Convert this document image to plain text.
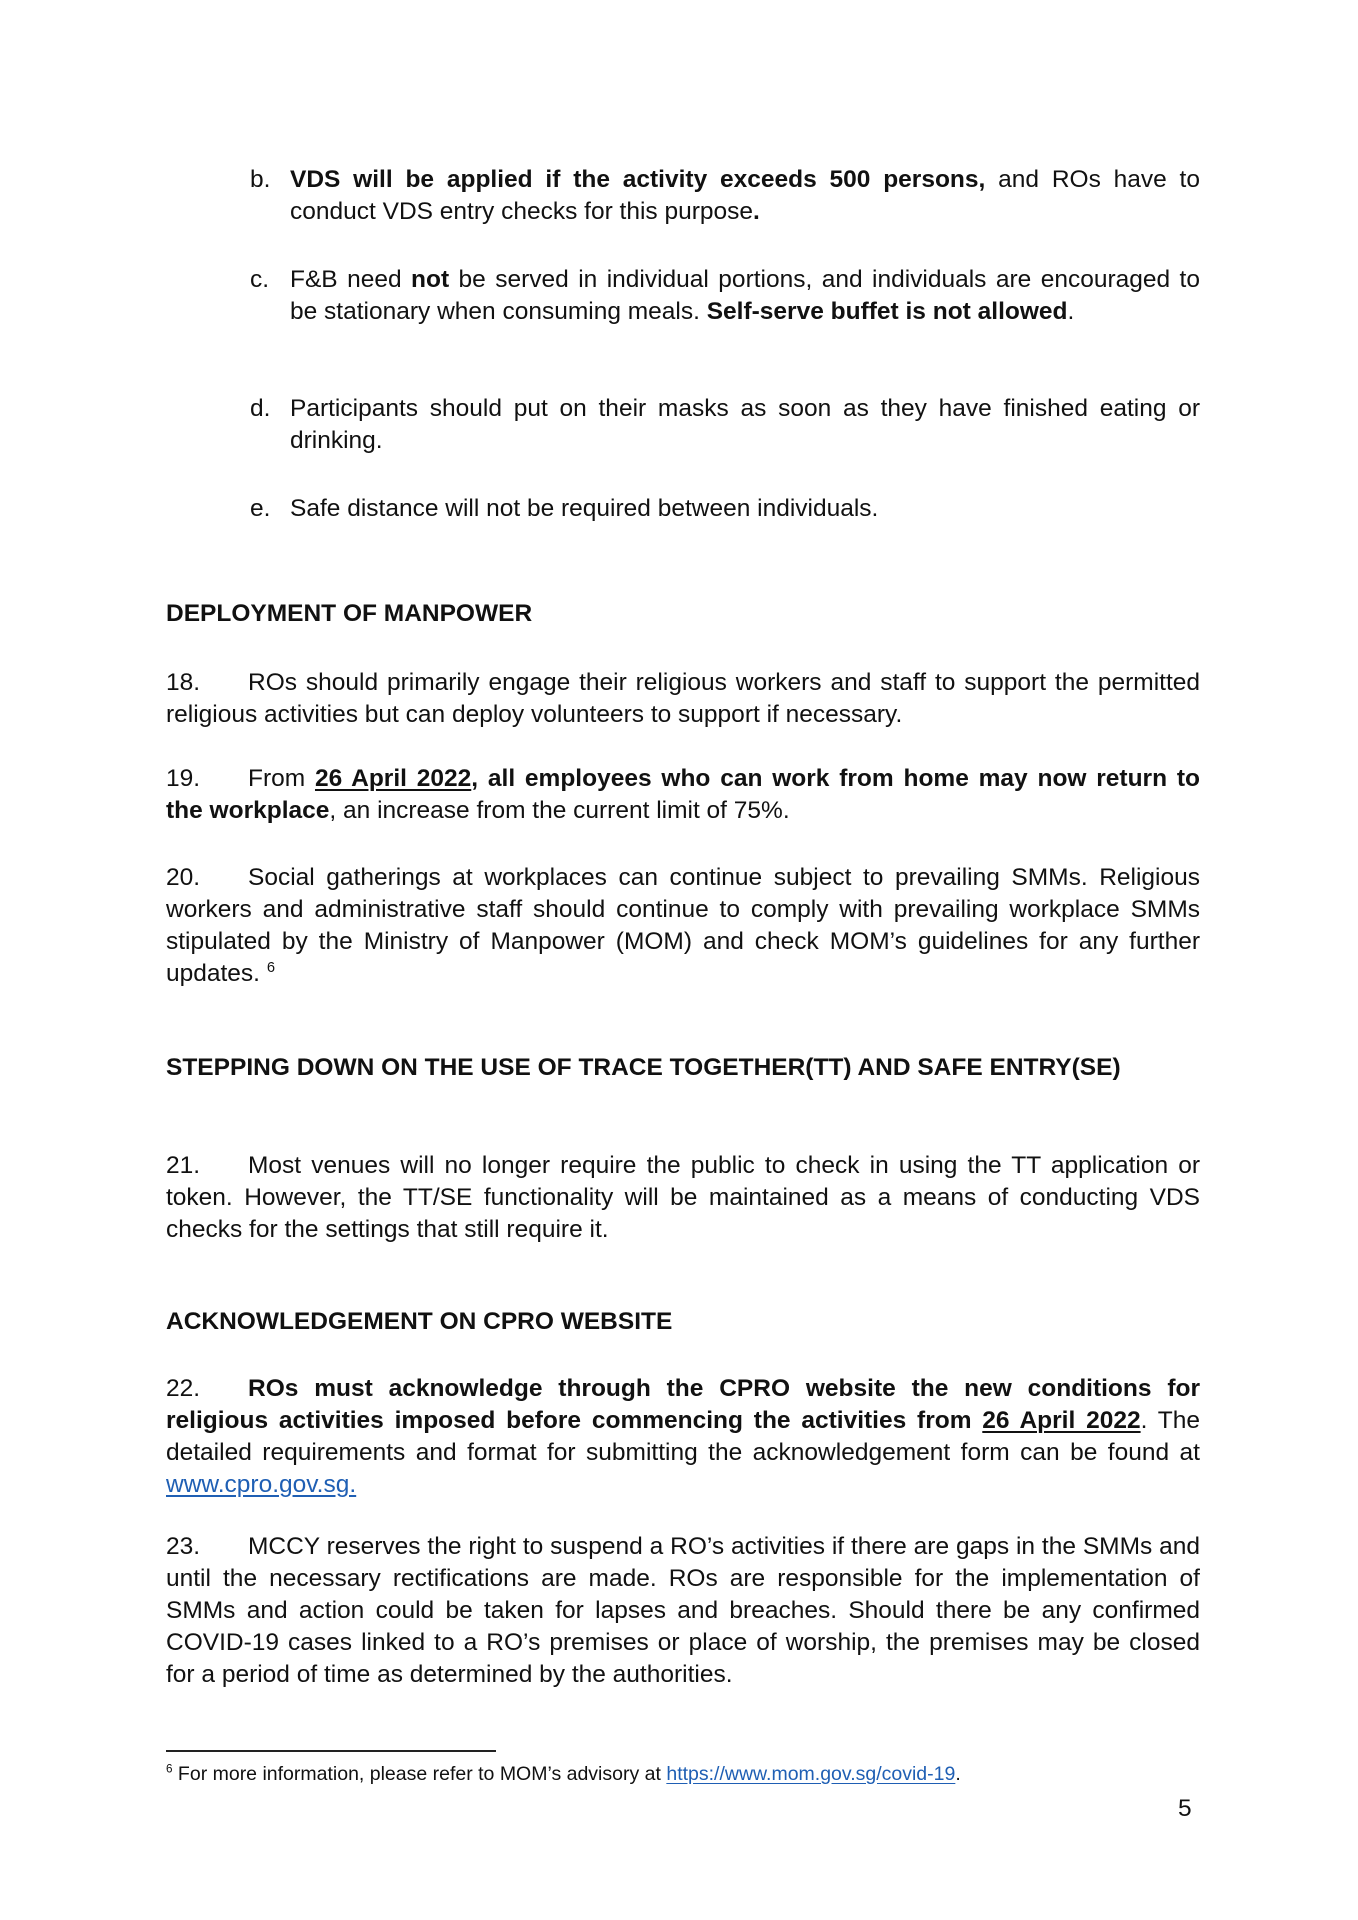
b. VDS will be applied if the activity exceeds 500 persons, and ROs have to conduct VDS entry checks for this purpose.
c. F&B need not be served in individual portions, and individuals are encouraged to be stationary when consuming meals. Self-serve buffet is not allowed.
d. Participants should put on their masks as soon as they have finished eating or drinking.
e. Safe distance will not be required between individuals.
DEPLOYMENT OF MANPOWER
18. ROs should primarily engage their religious workers and staff to support the permitted religious activities but can deploy volunteers to support if necessary.
19. From 26 April 2022, all employees who can work from home may now return to the workplace, an increase from the current limit of 75%.
20. Social gatherings at workplaces can continue subject to prevailing SMMs. Religious workers and administrative staff should continue to comply with prevailing workplace SMMs stipulated by the Ministry of Manpower (MOM) and check MOM’s guidelines for any further updates. $^6$
STEPPING DOWN ON THE USE OF TRACE TOGETHER(TT) AND SAFE ENTRY(SE)
21. Most venues will no longer require the public to check in using the TT application or token. However, the TT/SE functionality will be maintained as a means of conducting VDS checks for the settings that still require it.
ACKNOWLEDGEMENT ON CPRO WEBSITE
22. ROs must acknowledge through the CPRO website the new conditions for religious activities imposed before commencing the activities from 26 April 2022. The detailed requirements and format for submitting the acknowledgement form can be found at www.cpro.gov.sg.
23. MCCY reserves the right to suspend a RO’s activities if there are gaps in the SMMs and until the necessary rectifications are made. ROs are responsible for the implementation of SMMs and action could be taken for lapses and breaches. Should there be any confirmed COVID-19 cases linked to a RO’s premises or place of worship, the premises may be closed for a period of time as determined by the authorities.
$^6$ For more information, please refer to MOM’s advisory at https://www.mom.gov.sg/covid-19.
5
